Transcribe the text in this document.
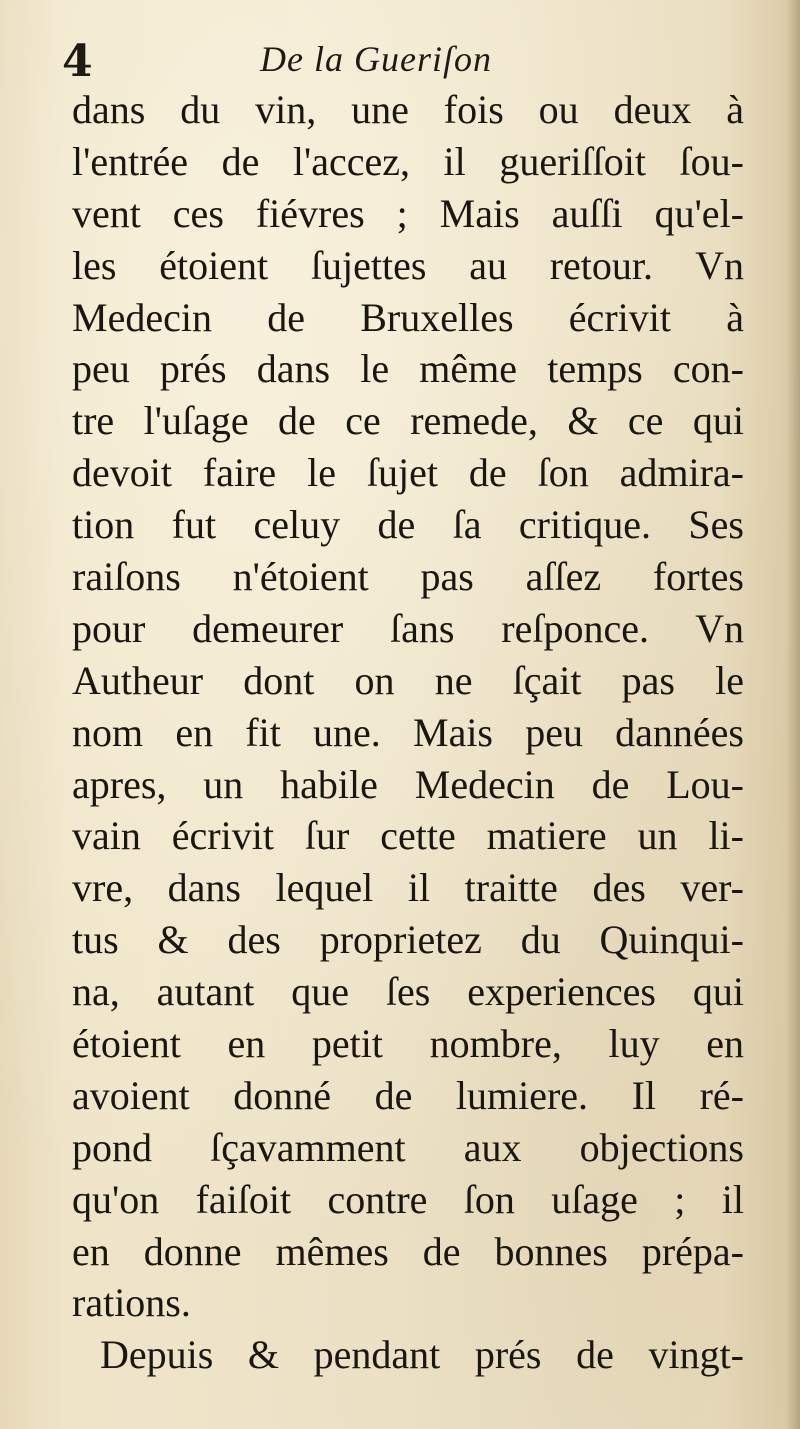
4	De la Gueriſon
dans du vin, une fois ou deux à
l'entrée de l'accez, il gueriſſoit ſou-
vent ces fiévres ; Mais auſſi qu'el-
les étoient ſujettes au retour. Vn
Medecin de Bruxelles écrivit à
peu prés dans le même temps con-
tre l'uſage de ce remede, & ce qui
devoit faire le ſujet de ſon admira-
tion fut celuy de ſa critique. Ses
raiſons n'étoient pas aſſez fortes
pour demeurer ſans reſponce. Vn
Autheur dont on ne ſçait pas le
nom en fit une. Mais peu dannées
apres, un habile Medecin de Lou-
vain écrivit ſur cette matiere un li-
vre, dans lequel il traitte des ver-
tus & des proprietez du Quinqui-
na, autant que ſes experiences qui
étoient en petit nombre, luy en
avoient donné de lumiere. Il ré-
pond ſçavamment aux objections
qu'on faiſoit contre ſon uſage ; il
en donne mêmes de bonnes prépa-
rations.
Depuis & pendant prés de vingt-
